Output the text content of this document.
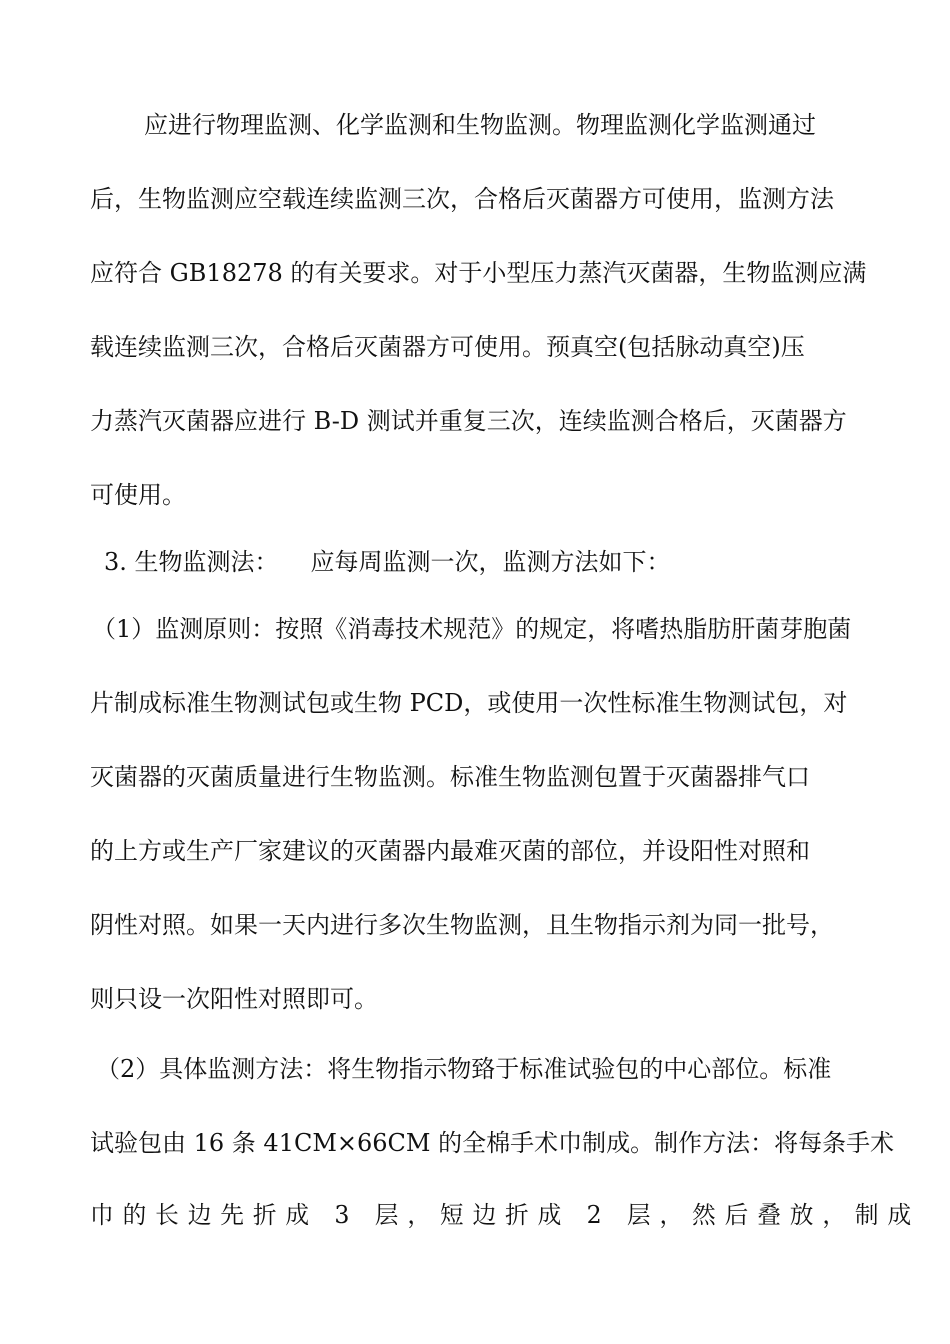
应进行物理监测、化学监测和生物监测。物理监测化学监测通过
后，生物监测应空载连续监测三次，合格后灭菌器方可使用，监测方法
应符合 GB18278 的有关要求。对于小型压力蒸汽灭菌器，生物监测应满
载连续监测三次，合格后灭菌器方可使用。预真空(包括脉动真空)压
力蒸汽灭菌器应进行 B-D 测试并重复三次，连续监测合格后，灭菌器方
可使用。
3. 生物监测法： 应每周监测一次，监测方法如下：
（1）监测原则：按照《消毒技术规范》的规定，将嗜热脂肪肝菌芽胞菌
片制成标准生物测试包或生物 PCD，或使用一次性标准生物测试包，对
灭菌器的灭菌质量进行生物监测。标准生物监测包置于灭菌器排气口
的上方或生产厂家建议的灭菌器内最难灭菌的部位，并设阳性对照和
阴性对照。如果一天内进行多次生物监测，且生物指示剂为同一批号，
则只设一次阳性对照即可。
（2）具体监测方法：将生物指示物臵于标准试验包的中心部位。标准
试验包由 16 条 41CM×66CM 的全棉手术巾制成。制作方法：将每条手术
巾的长边先折成 3 层，短边折成 2 层，然后叠放，制成
